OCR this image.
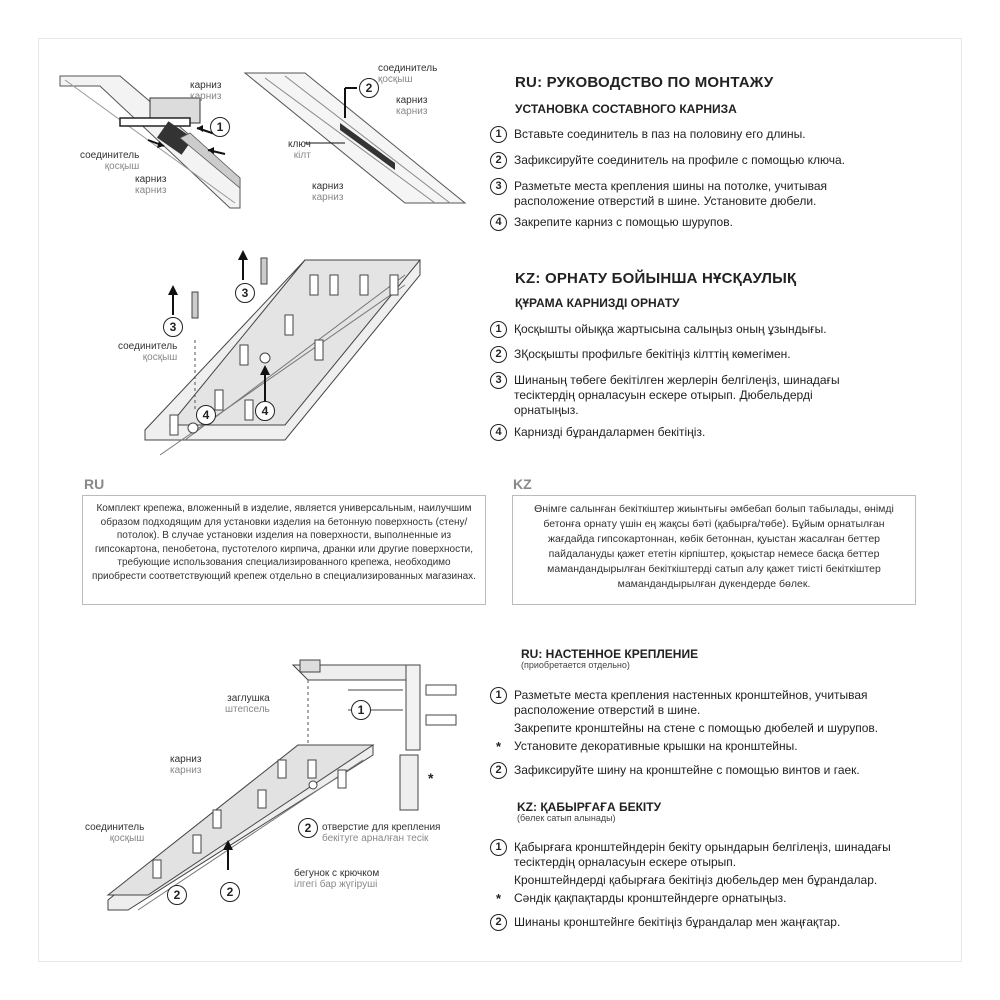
1
карниз
карниз
соединитель
қосқыш
карниз
карниз
2
соединитель
қосқыш
карниз
карниз
ключ
кілт
карниз
карниз
3
3
4	4
соединитель
қосқыш
RU: РУКОВОДСТВО ПО МОНТАЖУ
УСТАНОВКА СОСТАВНОГО КАРНИЗА
1	Вставьте соединитель в паз на половину его длины.
2	Зафиксируйте соединитель на профиле с помощью ключа.
3	Разметьте места крепления шины на потолке, учитывая расположение отверстий в шине. Установите дюбели.
4	Закрепите карниз с помощью шурупов.
KZ: ОРНАТУ БОЙЫНША НҰСҚАУЛЫҚ
ҚҰРАМА КАРНИЗДІ ОРНАТУ
1	Қосқышты ойыққа жартысына салыңыз оның ұзындығы.
2	ЗҚосқышты профильге бекітіңіз кілттің көмегімен.
3	Шинаның төбеге бекітілген жерлерін белгілеңіз, шинадағы тесіктердің орналасуын ескере отырып. Дюбельдерді орнатыңыз.
4	Карнизді бұрандалармен бекітіңіз.
RU
Комплект крепежа, вложенный в изделие, является универсальным, наилучшим образом подходящим для установки изделия на бетонную поверхность (стену/потолок). В случае установки изделия на поверхности, выполненные из гипсокартона, пенобетона, пустотелого кирпича, дранки или другие поверхности, требующие использования специализированного крепежа, необходимо приобрести соответствующий крепеж отдельно в специализированных магазинах.
KZ
Өнімге салынған бекіткіштер жиынтығы әмбебап болып табылады, өнімді бетонға орнату үшін ең жақсы бәті (қабырға/төбе). Бұйым орнатылған жағдайда гипсокартоннан, көбік бетоннан, қуыстан жасалған беттер пайдалануды қажет ететін кірпіштер, қоқыстар немесе басқа беттер мамандандырылған бекіткіштерді сатып алу қажет тиісті бекіткіштер мамандандырылған дүкендерде бөлек.
1
*
2
2	2
заглушка
штепсель
карниз
карниз
соединитель
қосқыш
отверстие для крепления
бекітуге арналған тесік
бегунок с крючком
ілгегі бар жүгіруші
RU: НАСТЕННОЕ КРЕПЛЕНИЕ
(приобретается отдельно)
1	Разметьте места крепления настенных кронштейнов, учитывая расположение отверстий в шине.
Закрепите кронштейны на стене с помощью дюбелей и шурупов.
*	Установите декоративные крышки на кронштейны.
2	Зафиксируйте шину на кронштейне с помощью винтов и гаек.
KZ: ҚАБЫРҒАҒА БЕКІТУ
(бөлек сатып алынады)
1	Қабырғаға кронштейндерін бекіту орындарын белгілеңіз, шинадағы тесіктердің орналасуын ескере отырып.
Кронштейндерді қабырғаға бекітіңіз дюбельдер мен бұрандалар.
*	Сәндік қақпақтарды кронштейндерге орнатыңыз.
2	Шинаны кронштейнге бекітіңіз бұрандалар мен жаңғақтар.
